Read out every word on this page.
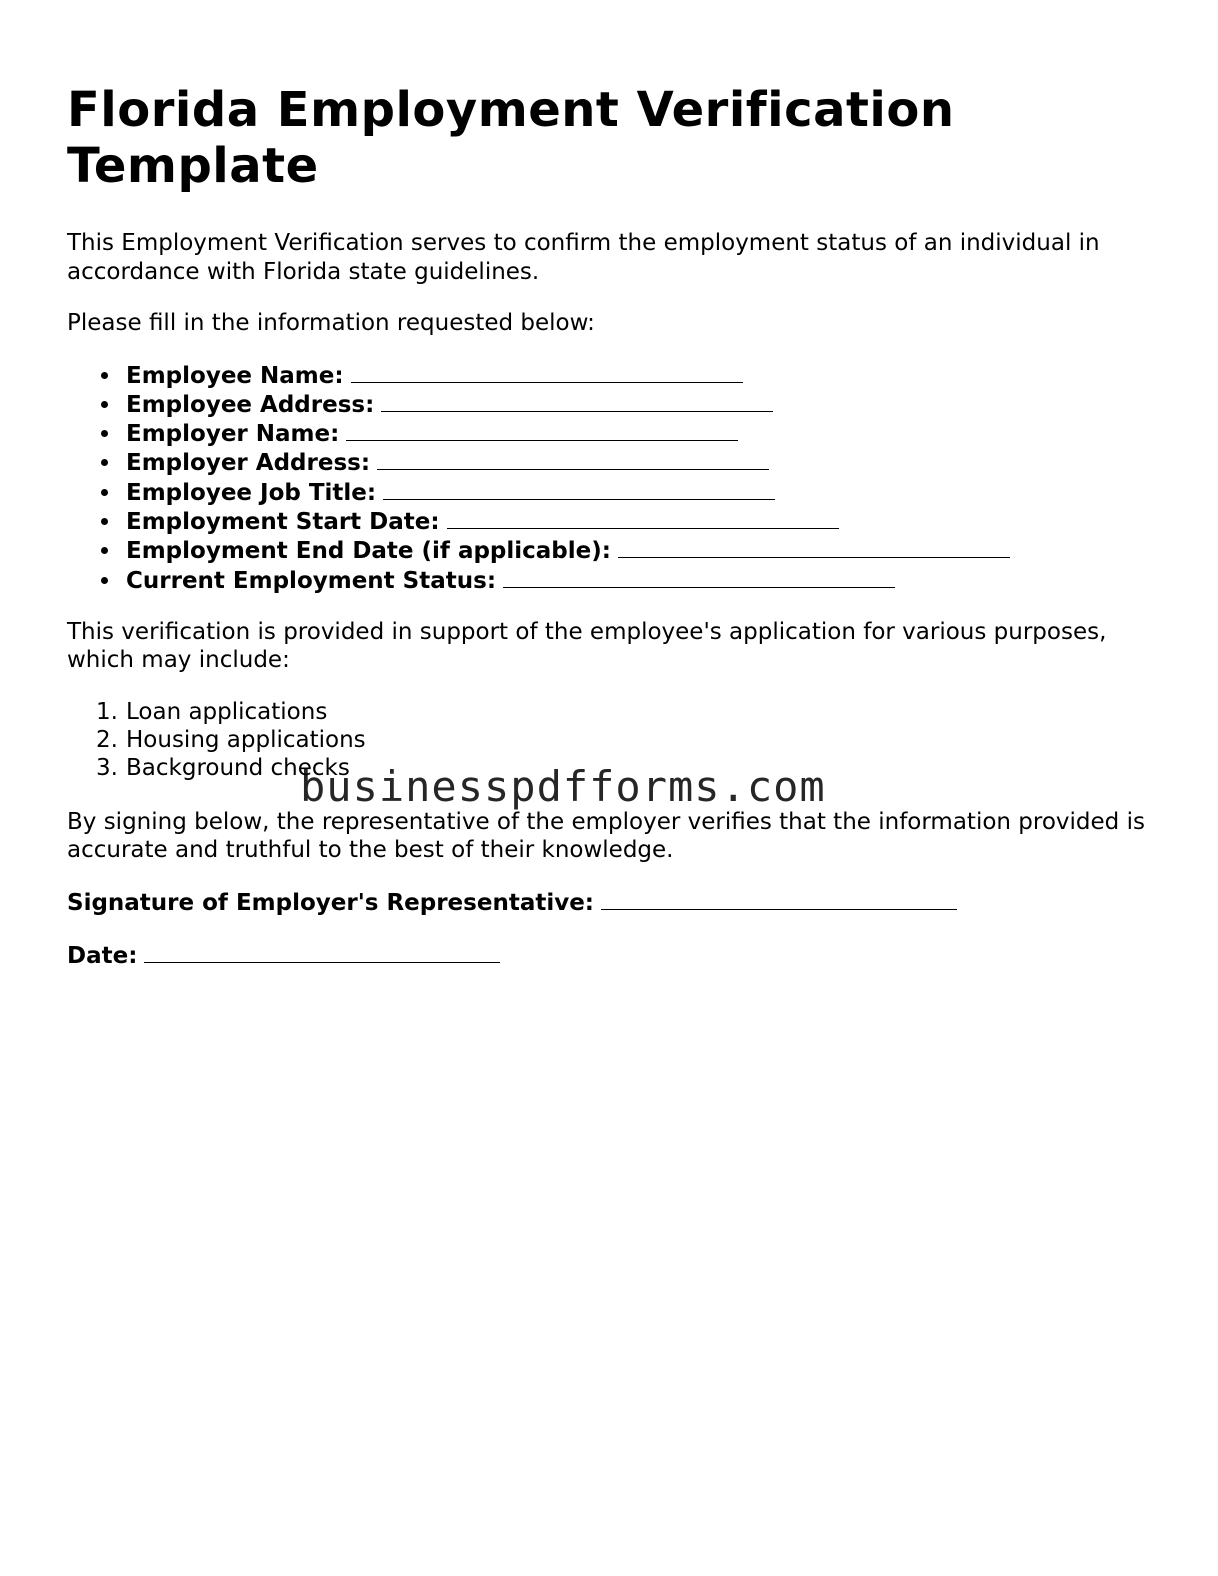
Florida Employment Verification Template

This Employment Verification serves to confirm the employment status of an individual in accordance with Florida state guidelines.

Please fill in the information requested below:

Employee Name:
Employee Address:
Employer Name:
Employer Address:
Employee Job Title:
Employment Start Date:
Employment End Date (if applicable):
Current Employment Status:

This verification is provided in support of the employee's application for various purposes, which may include:

1. Loan applications
2. Housing applications
3. Background checks

By signing below, the representative of the employer verifies that the information provided is accurate and truthful to the best of their knowledge.

Signature of Employer's Representative:
Date:
businesspdfforms.com
